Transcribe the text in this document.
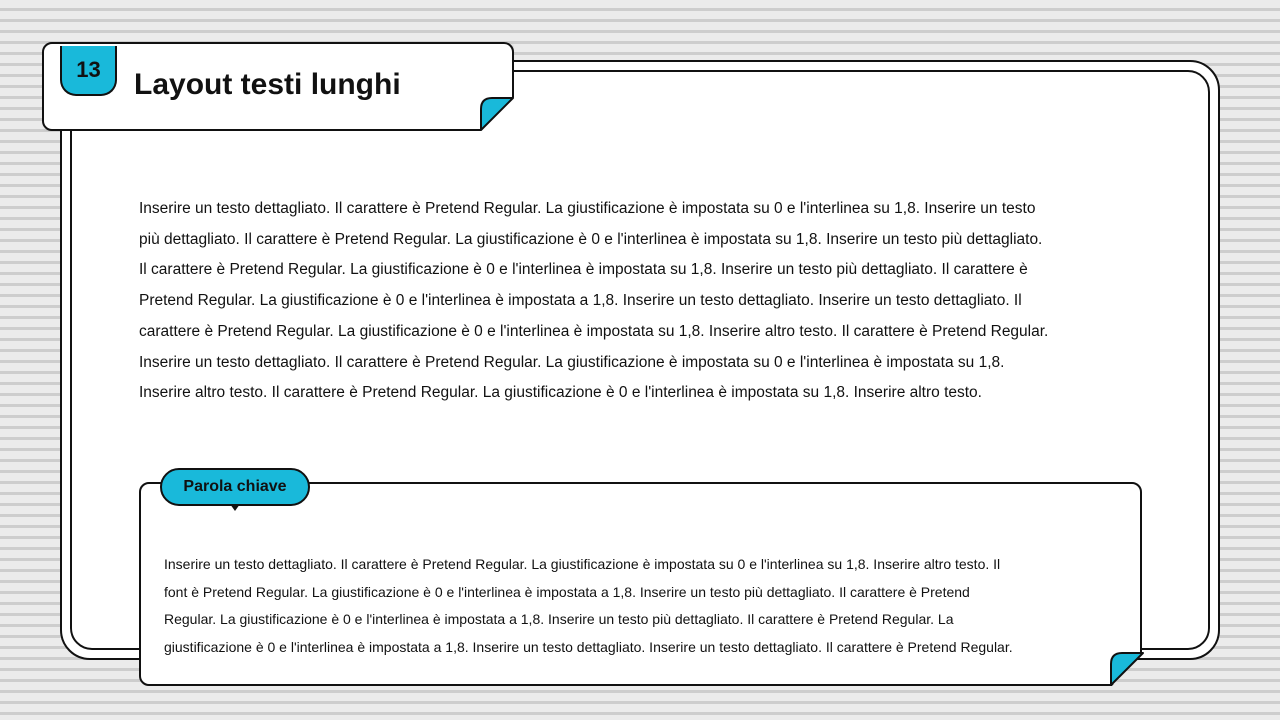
13	Layout testi lunghi
Inserire un testo dettagliato. Il carattere è Pretend Regular. La giustificazione è impostata su 0 e l'interlinea su 1,8. Inserire un testo
più dettagliato. Il carattere è Pretend Regular. La giustificazione è 0 e l'interlinea è impostata su 1,8. Inserire un testo più dettagliato.
Il carattere è Pretend Regular. La giustificazione è 0 e l'interlinea è impostata su 1,8. Inserire un testo più dettagliato. Il carattere è
Pretend Regular. La giustificazione è 0 e l'interlinea è impostata a 1,8. Inserire un testo dettagliato. Inserire un testo dettagliato. Il
carattere è Pretend Regular. La giustificazione è 0 e l'interlinea è impostata su 1,8. Inserire altro testo. Il carattere è Pretend Regular.
Inserire un testo dettagliato. Il carattere è Pretend Regular. La giustificazione è impostata su 0 e l'interlinea è impostata su 1,8.
Inserire altro testo. Il carattere è Pretend Regular. La giustificazione è 0 e l'interlinea è impostata su 1,8. Inserire altro testo.
Parola chiave
Inserire un testo dettagliato. Il carattere è Pretend Regular. La giustificazione è impostata su 0 e l'interlinea su 1,8. Inserire altro testo. Il
font è Pretend Regular. La giustificazione è 0 e l'interlinea è impostata a 1,8. Inserire un testo più dettagliato. Il carattere è Pretend
Regular. La giustificazione è 0 e l'interlinea è impostata a 1,8. Inserire un testo più dettagliato. Il carattere è Pretend Regular. La
giustificazione è 0 e l'interlinea è impostata a 1,8. Inserire un testo dettagliato. Inserire un testo dettagliato. Il carattere è Pretend Regular.
